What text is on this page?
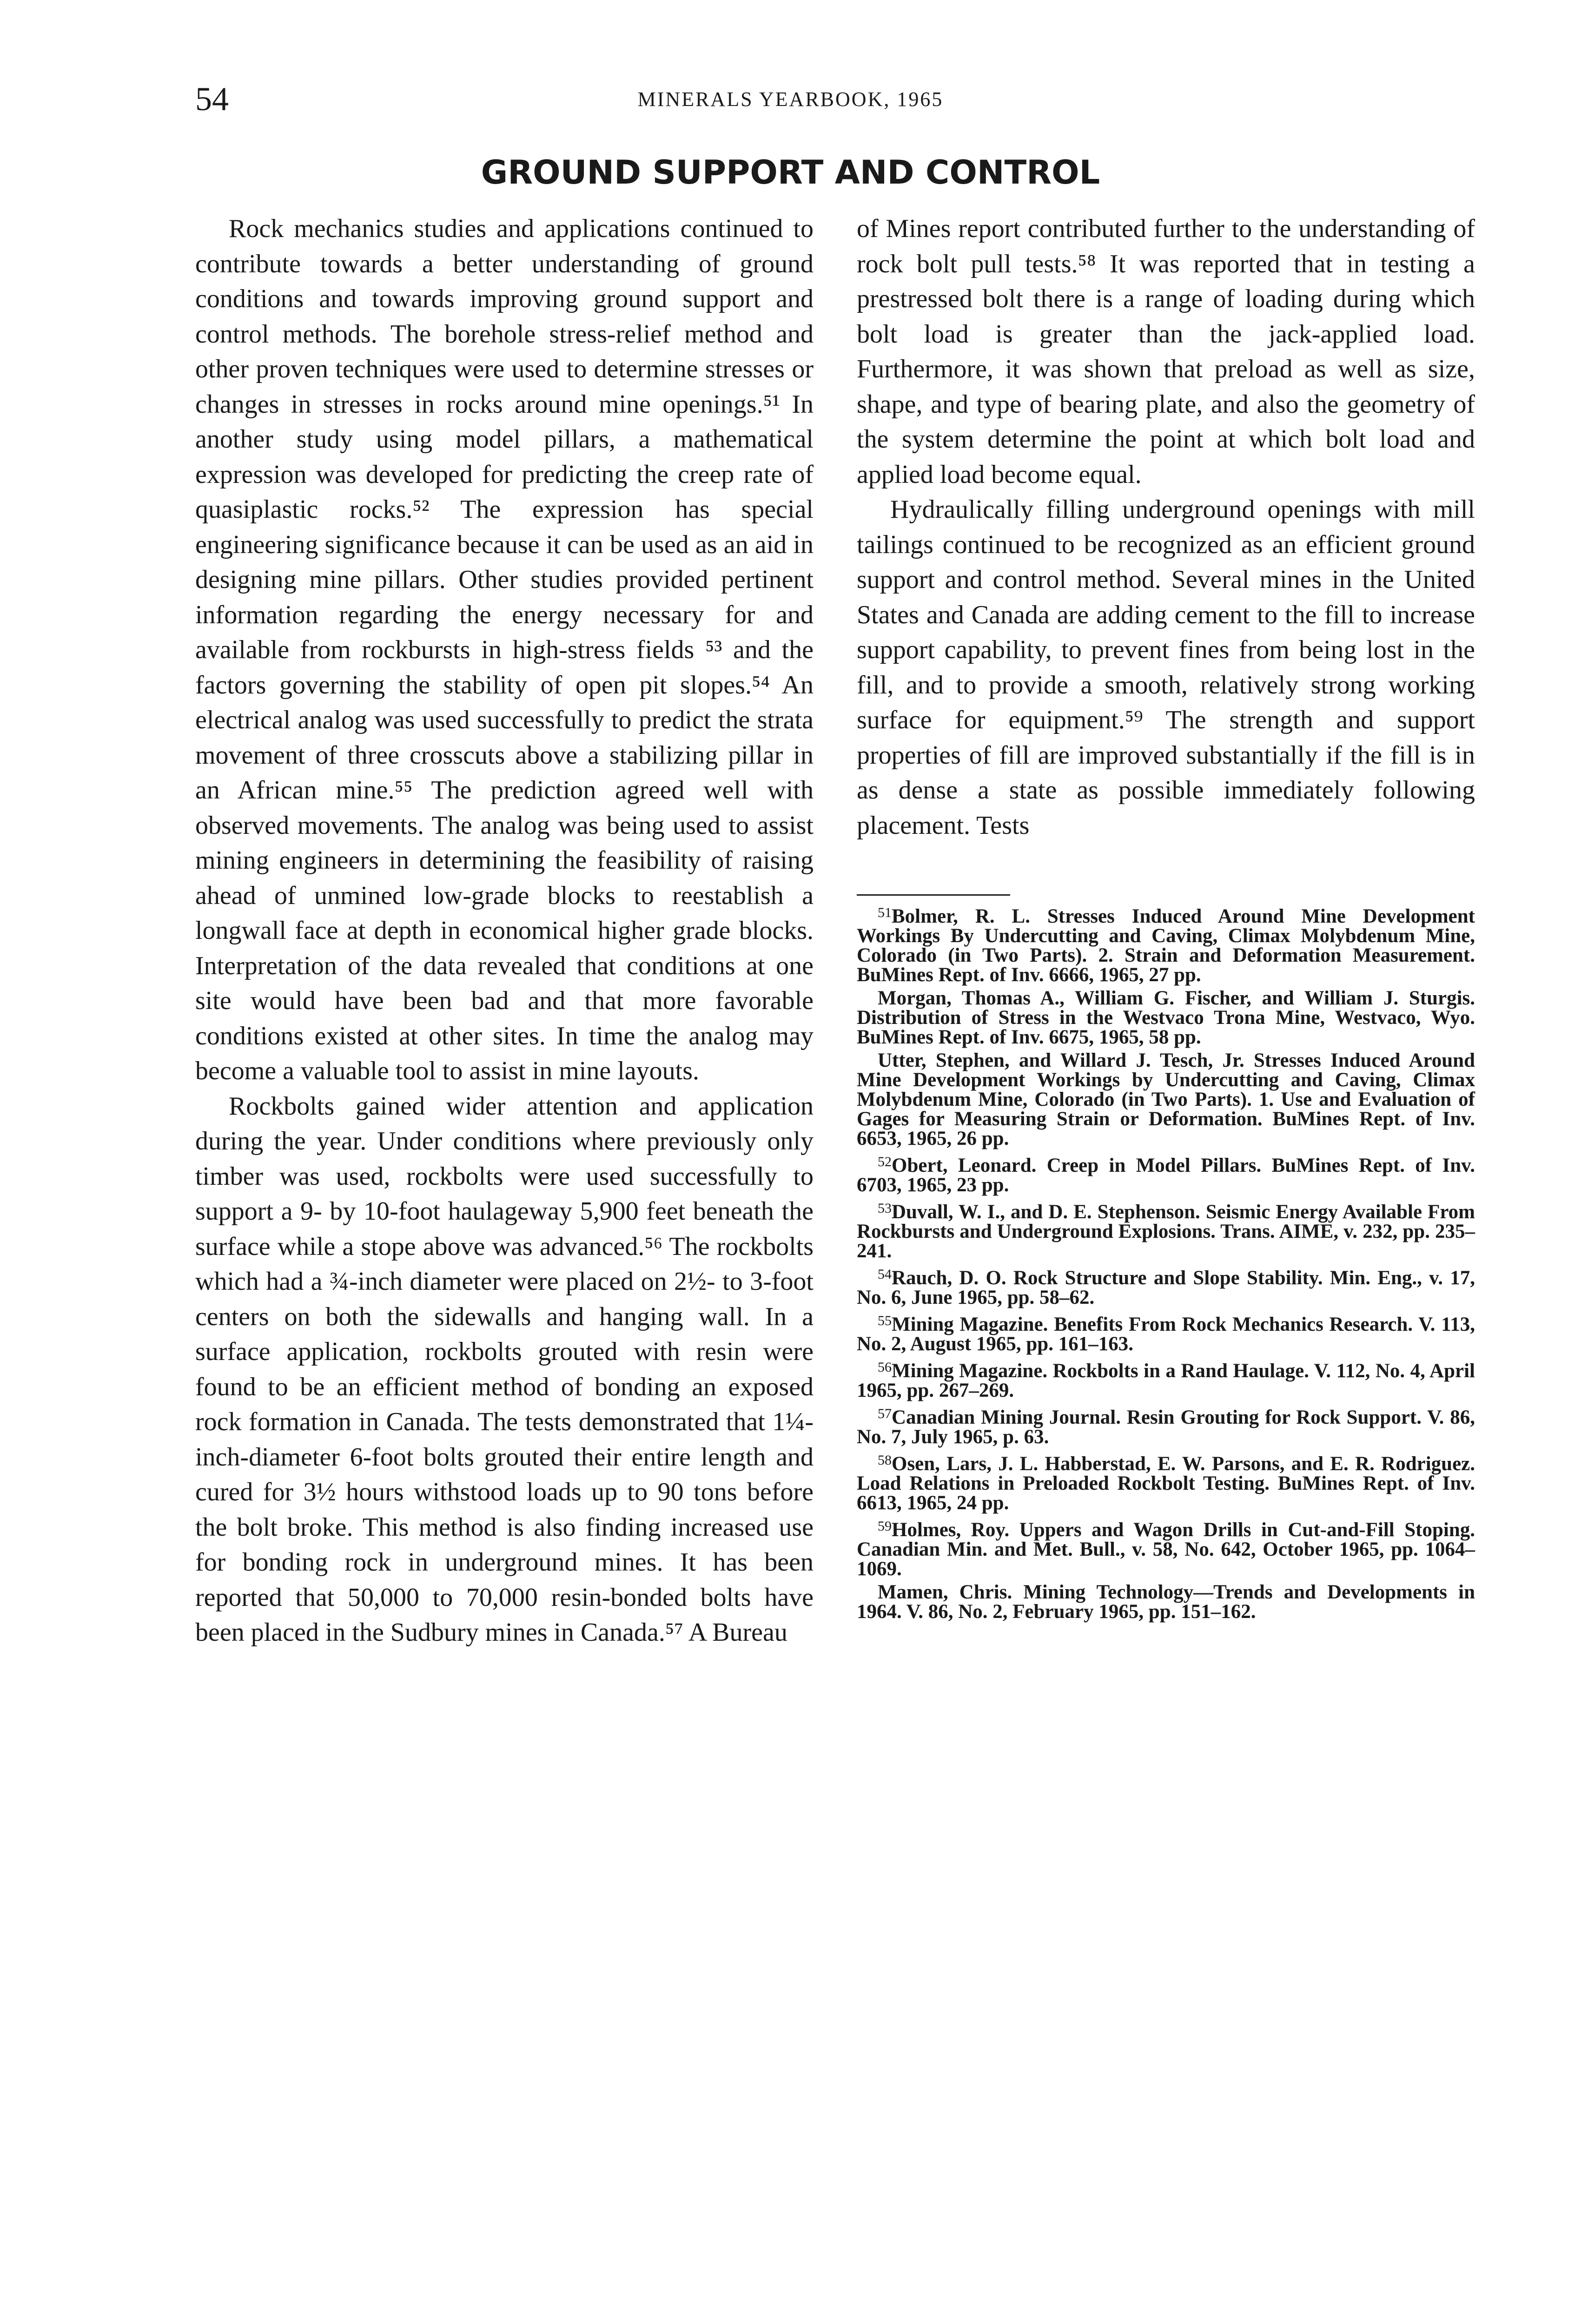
54	MINERALS YEARBOOK, 1965
GROUND SUPPORT AND CONTROL

Rock mechanics studies and applications continued to contribute towards a better understanding of ground conditions and towards improving ground support and control methods. The borehole stress-relief method and other proven techniques were used to determine stresses or changes in stresses in rocks around mine openings.⁵¹ In another study using model pillars, a mathematical expression was developed for predicting the creep rate of quasiplastic rocks.⁵² The expression has special engineering significance because it can be used as an aid in designing mine pillars. Other studies provided pertinent information regarding the energy necessary for and available from rockbursts in high-stress fields ⁵³ and the factors governing the stability of open pit slopes.⁵⁴ An electrical analog was used successfully to predict the strata movement of three crosscuts above a stabilizing pillar in an African mine.⁵⁵ The prediction agreed well with observed movements. The analog was being used to assist mining engineers in determining the feasibility of raising ahead of unmined low-grade blocks to reestablish a longwall face at depth in economical higher grade blocks. Interpretation of the data revealed that conditions at one site would have been bad and that more favorable conditions existed at other sites. In time the analog may become a valuable tool to assist in mine layouts.

Rockbolts gained wider attention and application during the year. Under conditions where previously only timber was used, rockbolts were used successfully to support a 9- by 10-foot haulageway 5,900 feet beneath the surface while a stope above was advanced.⁵⁶ The rockbolts which had a ¾-inch diameter were placed on 2½- to 3-foot centers on both the sidewalls and hanging wall. In a surface application, rockbolts grouted with resin were found to be an efficient method of bonding an exposed rock formation in Canada. The tests demonstrated that 1¼-inch-diameter 6-foot bolts grouted their entire length and cured for 3½ hours withstood loads up to 90 tons before the bolt broke. This method is also finding increased use for bonding rock in underground mines. It has been reported that 50,000 to 70,000 resin-bonded bolts have been placed in the Sudbury mines in Canada.⁵⁷ A Bureau

of Mines report contributed further to the understanding of rock bolt pull tests.⁵⁸ It was reported that in testing a prestressed bolt there is a range of loading during which bolt load is greater than the jack-applied load. Furthermore, it was shown that preload as well as size, shape, and type of bearing plate, and also the geometry of the system determine the point at which bolt load and applied load become equal.

Hydraulically filling underground openings with mill tailings continued to be recognized as an efficient ground support and control method. Several mines in the United States and Canada are adding cement to the fill to increase support capability, to prevent fines from being lost in the fill, and to provide a smooth, relatively strong working surface for equipment.⁵⁹ The strength and support properties of fill are improved substantially if the fill is in as dense a state as possible immediately following placement. Tests

$^{51}$Bolmer, R. L. Stresses Induced Around Mine Development Workings By Undercutting and Caving, Climax Molybdenum Mine, Colorado (in Two Parts). 2. Strain and Deformation Measurement. BuMines Rept. of Inv. 6666, 1965, 27 pp.

Morgan, Thomas A., William G. Fischer, and William J. Sturgis. Distribution of Stress in the Westvaco Trona Mine, Westvaco, Wyo. BuMines Rept. of Inv. 6675, 1965, 58 pp.

Utter, Stephen, and Willard J. Tesch, Jr. Stresses Induced Around Mine Development Workings by Undercutting and Caving, Climax Molybdenum Mine, Colorado (in Two Parts). 1. Use and Evaluation of Gages for Measuring Strain or Deformation. BuMines Rept. of Inv. 6653, 1965, 26 pp.

$^{52}$Obert, Leonard. Creep in Model Pillars. BuMines Rept. of Inv. 6703, 1965, 23 pp.

$^{53}$Duvall, W. I., and D. E. Stephenson. Seismic Energy Available From Rockbursts and Underground Explosions. Trans. AIME, v. 232, pp. 235–241.

$^{54}$Rauch, D. O. Rock Structure and Slope Stability. Min. Eng., v. 17, No. 6, June 1965, pp. 58–62.

$^{55}$Mining Magazine. Benefits From Rock Mechanics Research. V. 113, No. 2, August 1965, pp. 161–163.

$^{56}$Mining Magazine. Rockbolts in a Rand Haulage. V. 112, No. 4, April 1965, pp. 267–269.

$^{57}$Canadian Mining Journal. Resin Grouting for Rock Support. V. 86, No. 7, July 1965, p. 63.

$^{58}$Osen, Lars, J. L. Habberstad, E. W. Parsons, and E. R. Rodriguez. Load Relations in Preloaded Rockbolt Testing. BuMines Rept. of Inv. 6613, 1965, 24 pp.

$^{59}$Holmes, Roy. Uppers and Wagon Drills in Cut-and-Fill Stoping. Canadian Min. and Met. Bull., v. 58, No. 642, October 1965, pp. 1064–1069.

Mamen, Chris. Mining Technology—Trends and Developments in 1964. V. 86, No. 2, February 1965, pp. 151–162.
